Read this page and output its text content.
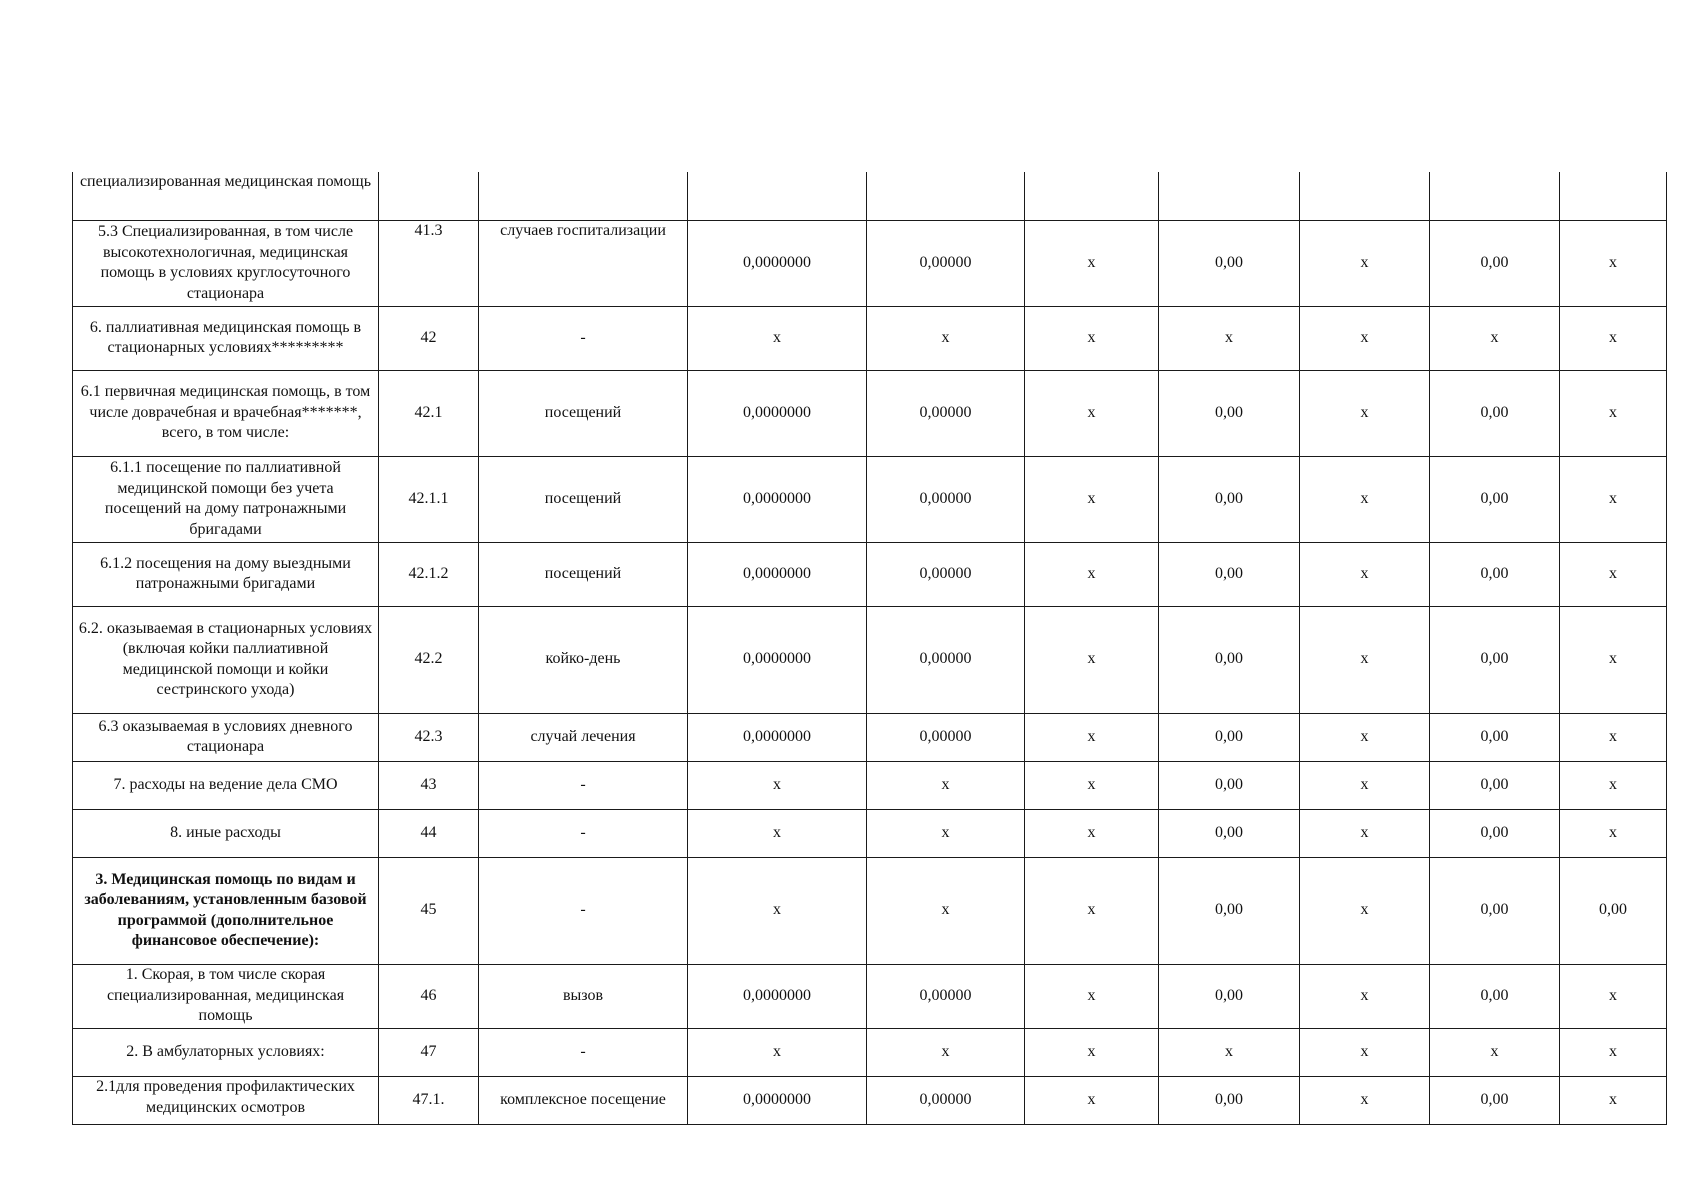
специализированная медицинская помощь									
5.3 Специализированная, в том числе высокотехнологичная, медицинская помощь в условиях круглосуточного стационара	41.3	случаев госпитализации	0,0000000	0,00000	х	0,00	х	0,00	х
6. паллиативная медицинская помощь в стационарных условиях*********	42	-	х	х	х	х	х	х	х
6.1 первичная медицинская помощь, в том числе доврачебная и врачебная*******, всего, в том числе:	42.1	посещений	0,0000000	0,00000	х	0,00	х	0,00	х
6.1.1 посещение по паллиативной медицинской помощи без учета посещений на дому патронажными бригадами	42.1.1	посещений	0,0000000	0,00000	х	0,00	х	0,00	х
6.1.2 посещения на дому выездными патронажными бригадами	42.1.2	посещений	0,0000000	0,00000	х	0,00	х	0,00	х
6.2. оказываемая в стационарных условиях (включая койки паллиативной медицинской помощи и койки сестринского ухода)	42.2	койко-день	0,0000000	0,00000	х	0,00	х	0,00	х
6.3 оказываемая в условиях дневного стационара	42.3	случай лечения	0,0000000	0,00000	х	0,00	х	0,00	х
7. расходы на ведение дела СМО	43	-	х	х	х	0,00	х	0,00	х
8. иные расходы	44	-	х	х	х	0,00	х	0,00	х
3. Медицинская помощь по видам и заболеваниям, установленным базовой программой (дополнительное финансовое обеспечение):	45	-	х	х	х	0,00	х	0,00	0,00
1. Скорая, в том числе скорая специализированная, медицинская помощь	46	вызов	0,0000000	0,00000	х	0,00	х	0,00	х
2. В амбулаторных условиях:	47	-	х	х	х	х	х	х	х

2.1для проведения профилактических медицинских осмотров	47.1.	комплексное посещение	0,0000000	0,00000	х	0,00	х	0,00	х
